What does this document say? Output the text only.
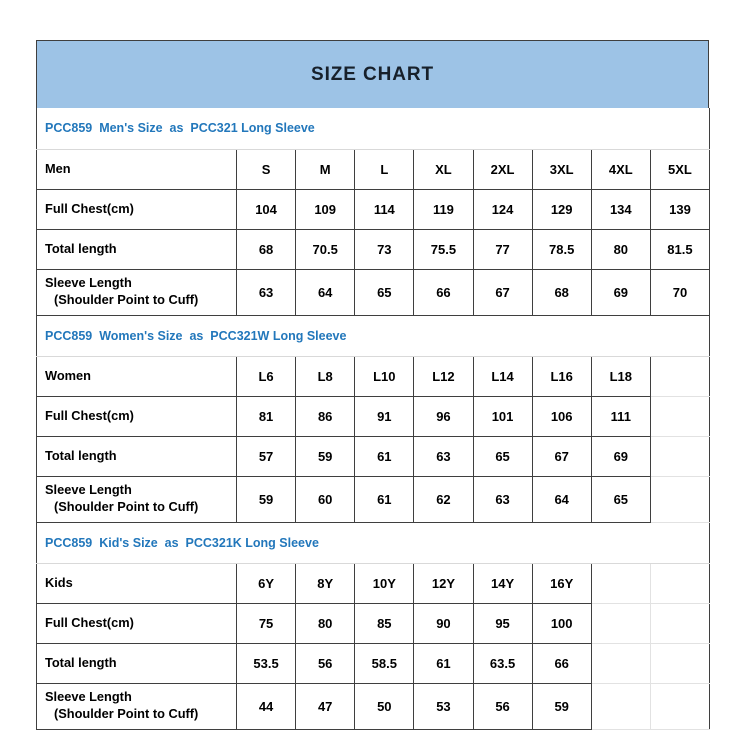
SIZE CHART
PCC859  Men's Size  as  PCC321 Long Sleeve								
Men	S	M	L	XL	2XL	3XL	4XL	5XL
Full Chest(cm)	104	109	114	119	124	129	134	139
Total length	68	70.5	73	75.5	77	78.5	80	81.5
Sleeve Length
(Shoulder Point to Cuff)	63	64	65	66	67	68	69	70
PCC859  Women's Size  as  PCC321W Long Sleeve								
Women	L6	L8	L10	L12	L14	L16	L18	
Full Chest(cm)	81	86	91	96	101	106	111	
Total length	57	59	61	63	65	67	69	
Sleeve Length
(Shoulder Point to Cuff)	59	60	61	62	63	64	65	
PCC859  Kid's Size  as  PCC321K Long Sleeve								
Kids	6Y	8Y	10Y	12Y	14Y	16Y		
Full Chest(cm)	75	80	85	90	95	100		
Total length	53.5	56	58.5	61	63.5	66		
Sleeve Length
(Shoulder Point to Cuff)	44	47	50	53	56	59		
